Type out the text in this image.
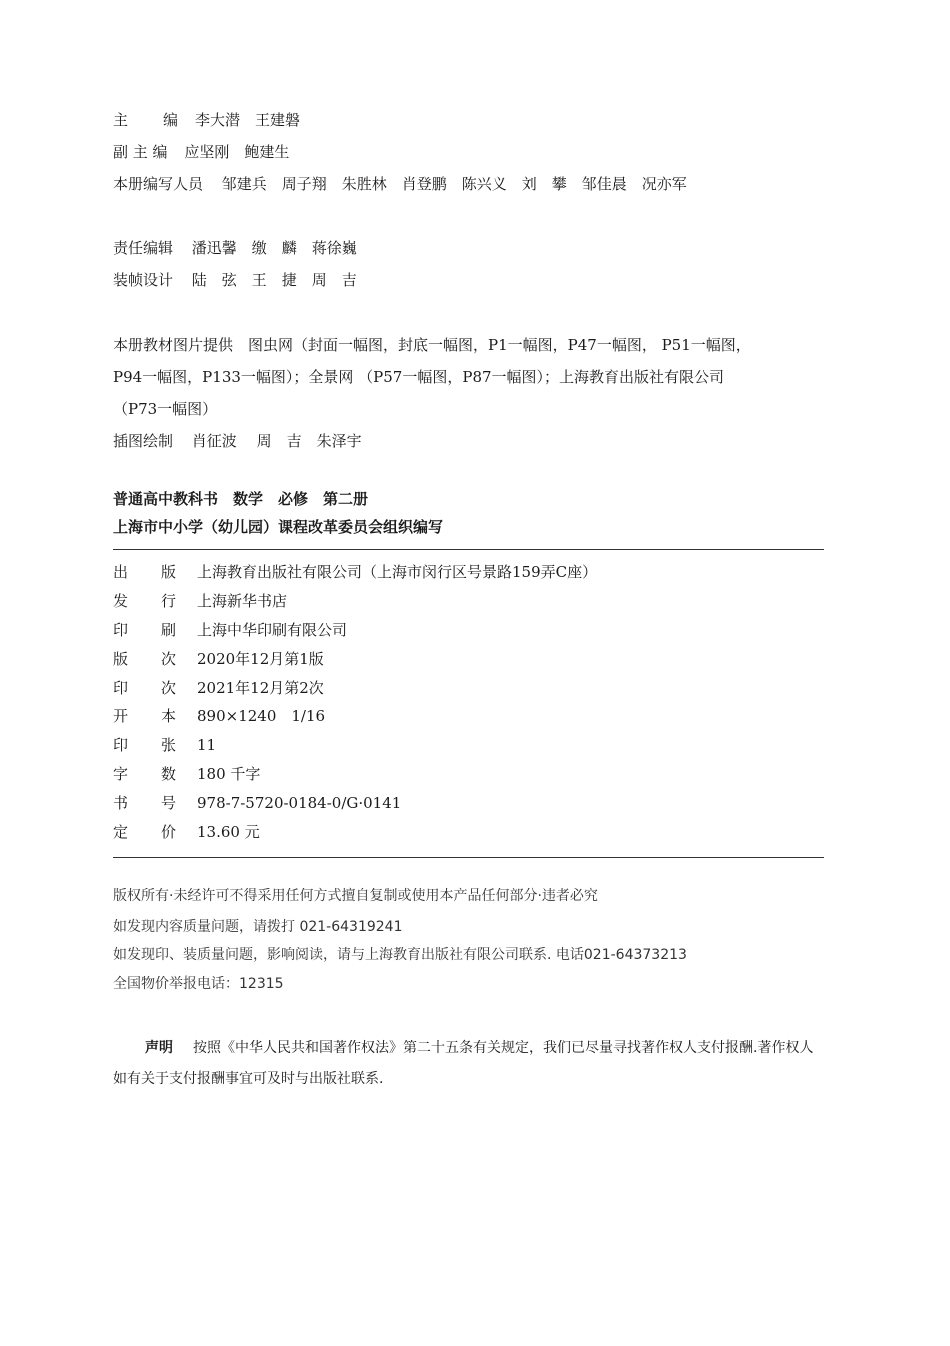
主 编 李大潜　王建磐
副 主 编 应坚刚　鲍建生
本册编写人员 邹建兵　周子翔　朱胜林　肖登鹏　陈兴义　刘　攀　邹佳晨　况亦军
责任编辑 潘迅馨　缴　麟　蒋徐巍
装帧设计 陆　弦　王　捷　周　吉
本册教材图片提供　图虫网（封面一幅图，封底一幅图，P1一幅图，P47一幅图， P51一幅图，
P94一幅图，P133一幅图）；全景网 （P57一幅图，P87一幅图）；上海教育出版社有限公司
（P73一幅图）
插图绘制 肖征波　 周　吉　朱泽宇
普通高中教科书　数学　必修　第二册
上海市中小学（幼儿园）课程改革委员会组织编写
出 版 上海教育出版社有限公司（上海市闵行区号景路159弄C座）
发 行 上海新华书店
印 刷 上海中华印刷有限公司
版 次 2020年12月第1版
印 次 2021年12月第2次
开 本 890×1240　1/16
印 张 11
字 数 180 千字
书 号 978-7-5720-0184-0/G·0141
定 价 13.60 元
版权所有·未经许可不得采用任何方式擅自复制或使用本产品任何部分·违者必究
如发现内容质量问题，请拨打 021-64319241
如发现印、装质量问题，影响阅读，请与上海教育出版社有限公司联系. 电话021-64373213
全国物价举报电话：12315
声明 按照《中华人民共和国著作权法》第二十五条有关规定，我们已尽量寻找著作权人支付报酬.著作权人如有关于支付报酬事宜可及时与出版社联系.
